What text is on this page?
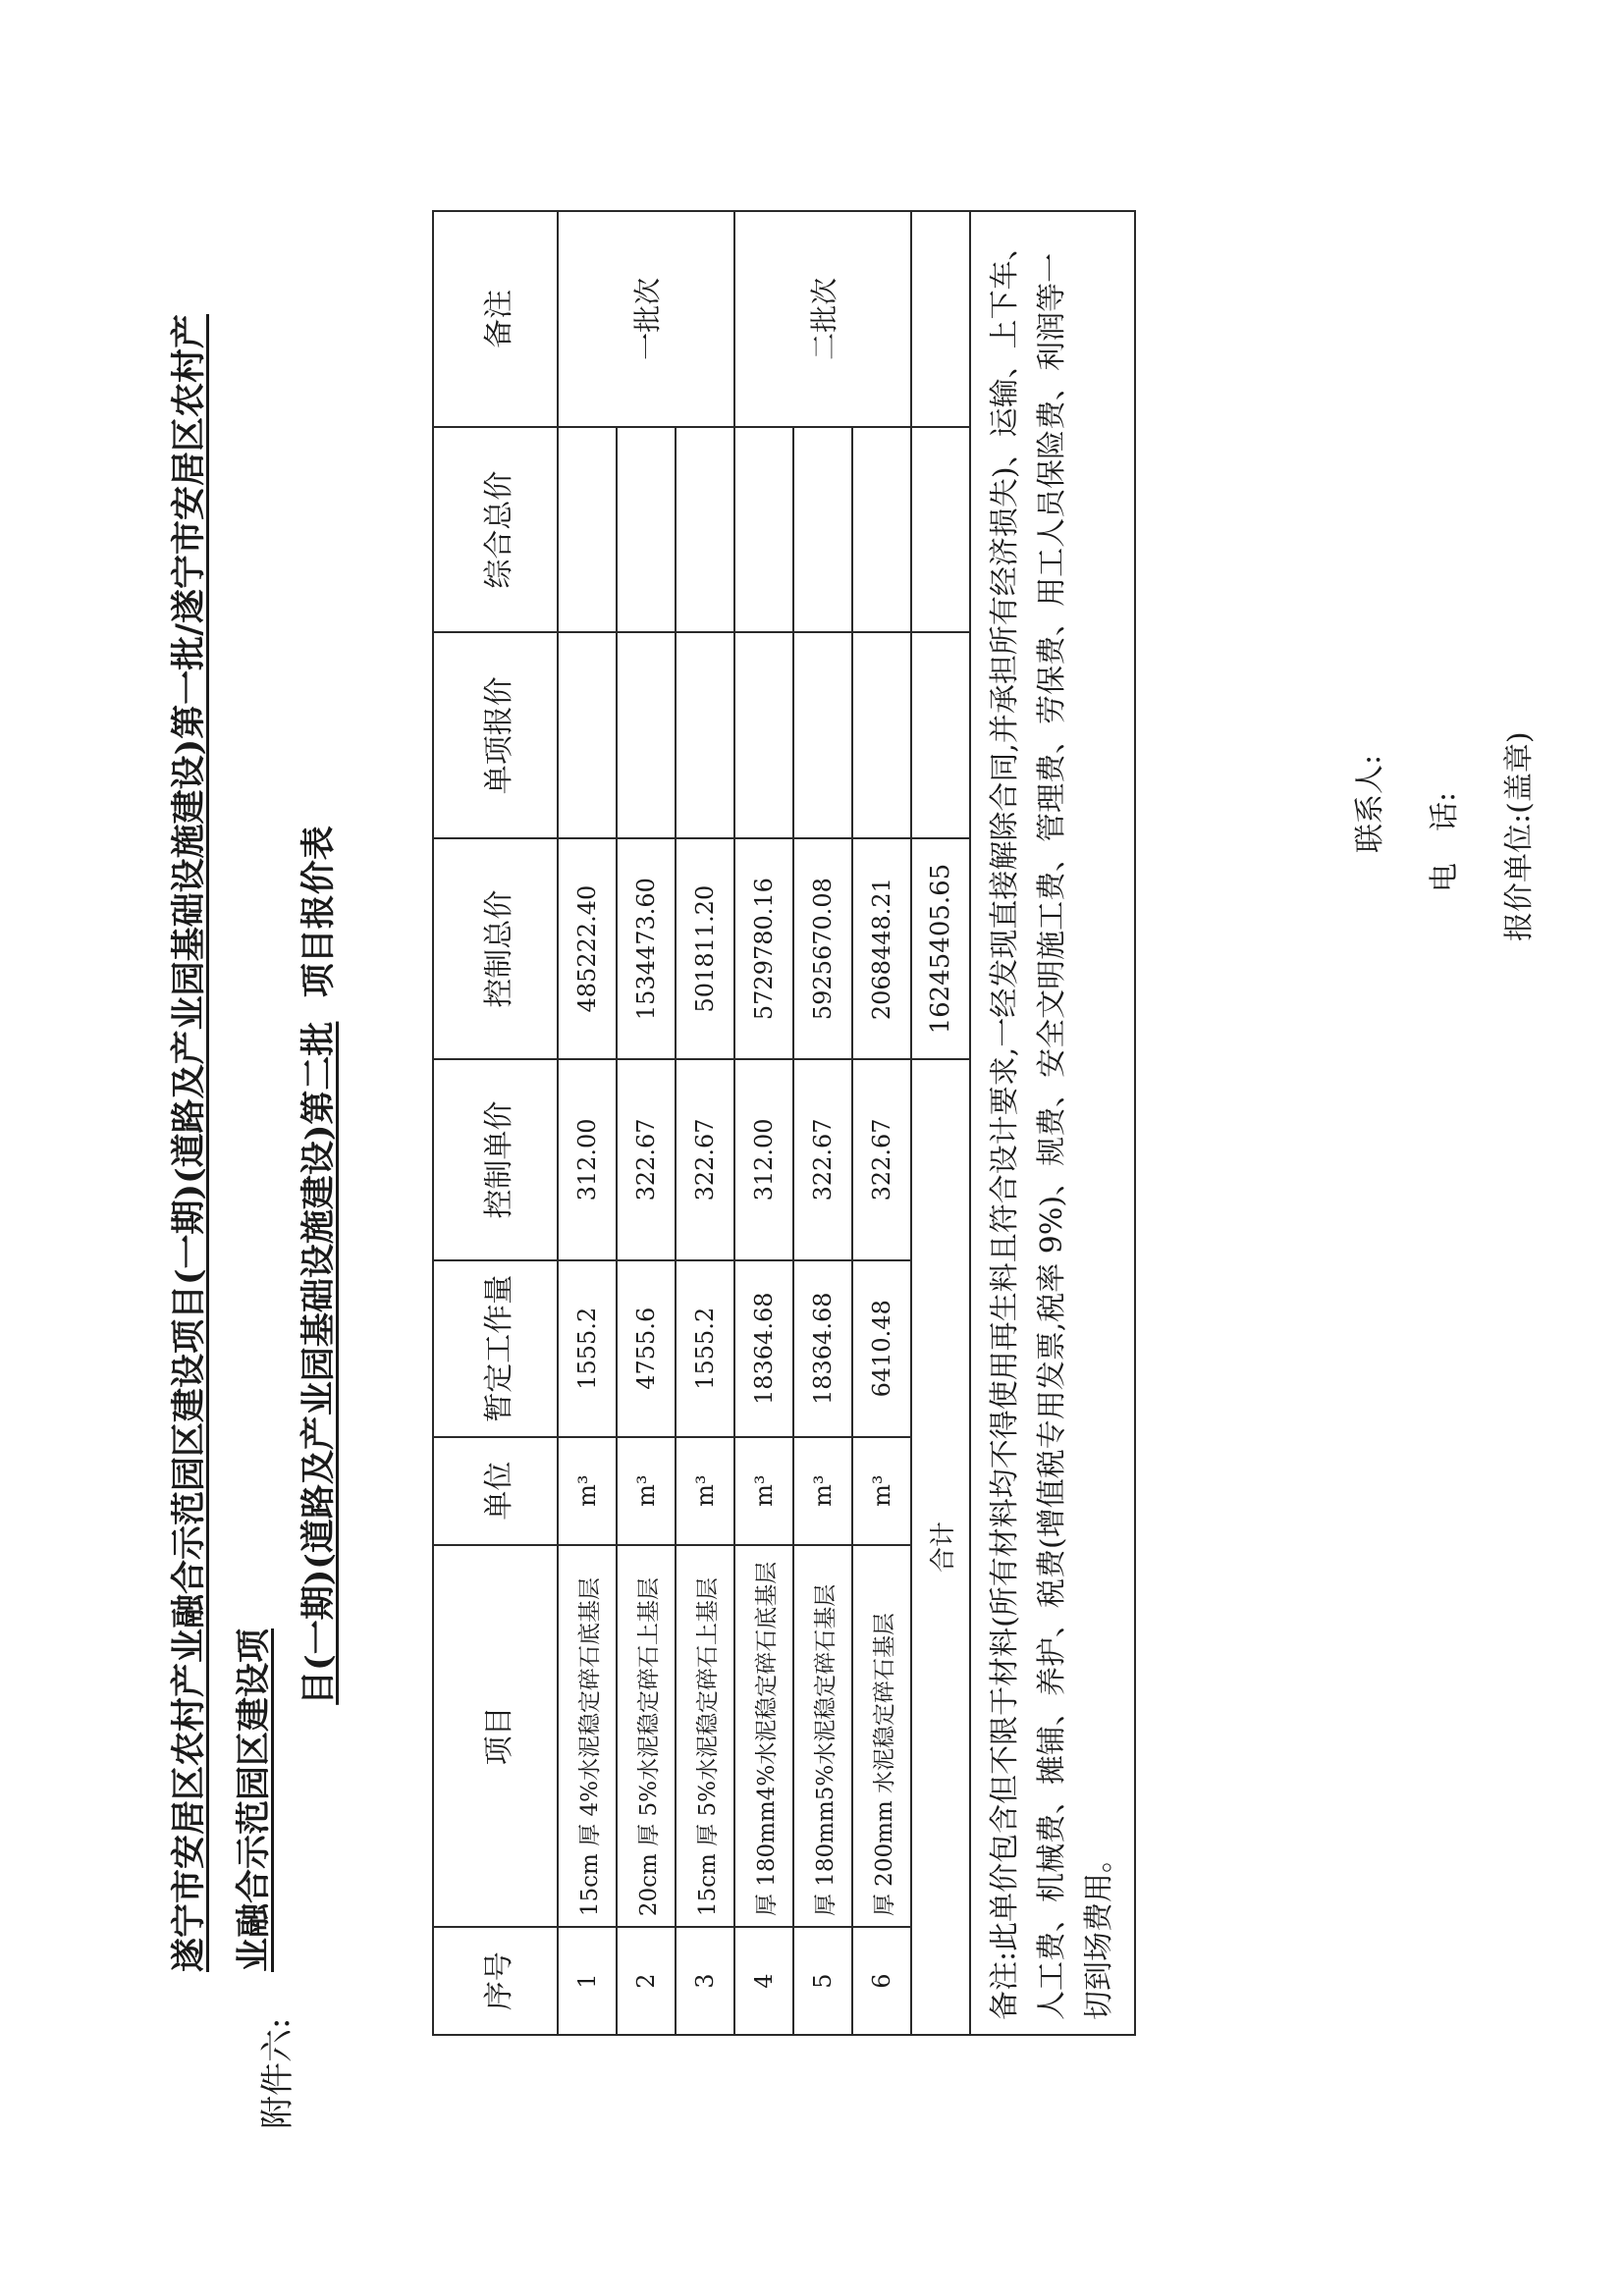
附件六:
遂宁市安居区农村产业融合示范园区建设项目(一期)(道路及产业园基础设施建设)第一批/遂宁市安居区农村产业融合示范园区建设项
目(一期)(道路及产业园基础设施建设)第二批  项目报价表
序号	项目	单位	暂定工作量	控制单价	控制总价	单项报价	综合总价	备注
1	15cm 厚 4%水泥稳定碎石底基层	m³	1555.2	312.00	485222.40			一批次
2	20cm 厚 5%水泥稳定碎石上基层	m³	4755.6	322.67	1534473.60			
3	15cm 厚 5%水泥稳定碎石上基层	m³	1555.2	322.67	501811.20			
4	厚 180mm4%水泥稳定碎石底基层	m³	18364.68	312.00	5729780.16			二批次
5	厚 180mm5%水泥稳定碎石基层	m³	18364.68	322.67	5925670.08			
6	厚 200mm 水泥稳定碎石基层	m³	6410.48	322.67	2068448.21			
合计					16245405.65			
备注:此单价包含但不限于材料(所有材料均不得使用再生料且符合设计要求,一经发现直接解除合同,并承担所有经济损失)、运输、上下车、人工费、机械费、摊铺、养护、税费(增值税专用发票,税率 9%)、规费、安全文明施工费、管理费、劳保费、用工人员保险费、利润等一切到场费用。								
联系人:
电话:
报价单位:(盖章)
